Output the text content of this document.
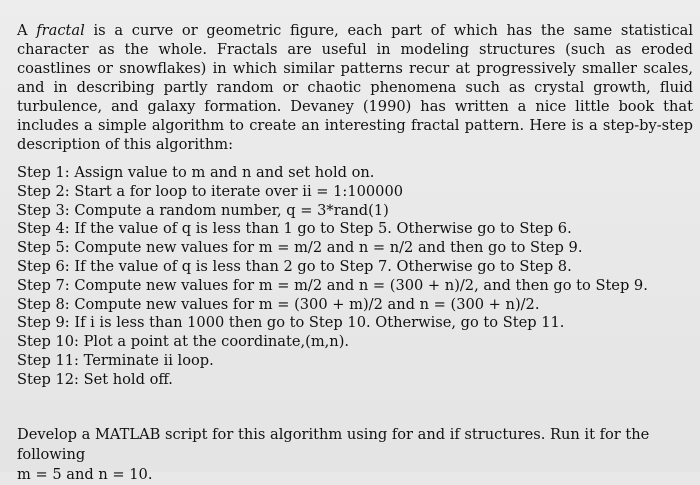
A fractal is a curve or geometric figure, each part of which has the same statistical character as the whole. Fractals are useful in modeling structures (such as eroded coastlines or snowflakes) in which similar patterns recur at progressively smaller scales, and in describing partly random or chaotic phenomena such as crystal growth, fluid turbulence, and galaxy formation. Devaney (1990) has written a nice little book that includes a simple algorithm to create an interesting fractal pattern. Here is a step-by-step description of this algorithm:

Step 1: Assign value to m and n and set hold on.
Step 2: Start a for loop to iterate over ii = 1:100000
Step 3: Compute a random number, q = 3*rand(1)
Step 4: If the value of q is less than 1 go to Step 5. Otherwise go to Step 6.
Step 5: Compute new values for m = m/2 and n = n/2 and then go to Step 9.
Step 6: If the value of q is less than 2 go to Step 7. Otherwise go to Step 8.
Step 7: Compute new values for m = m/2 and n = (300 + n)/2, and then go to Step 9.
Step 8: Compute new values for m = (300 + m)/2 and n = (300 + n)/2.
Step 9: If i is less than 1000 then go to Step 10. Otherwise, go to Step 11.
Step 10: Plot a point at the coordinate,(m,n).
Step 11: Terminate ii loop.
Step 12: Set hold off.

Develop a MATLAB script for this algorithm using for and if structures. Run it for the following
m = 5 and n = 10.
